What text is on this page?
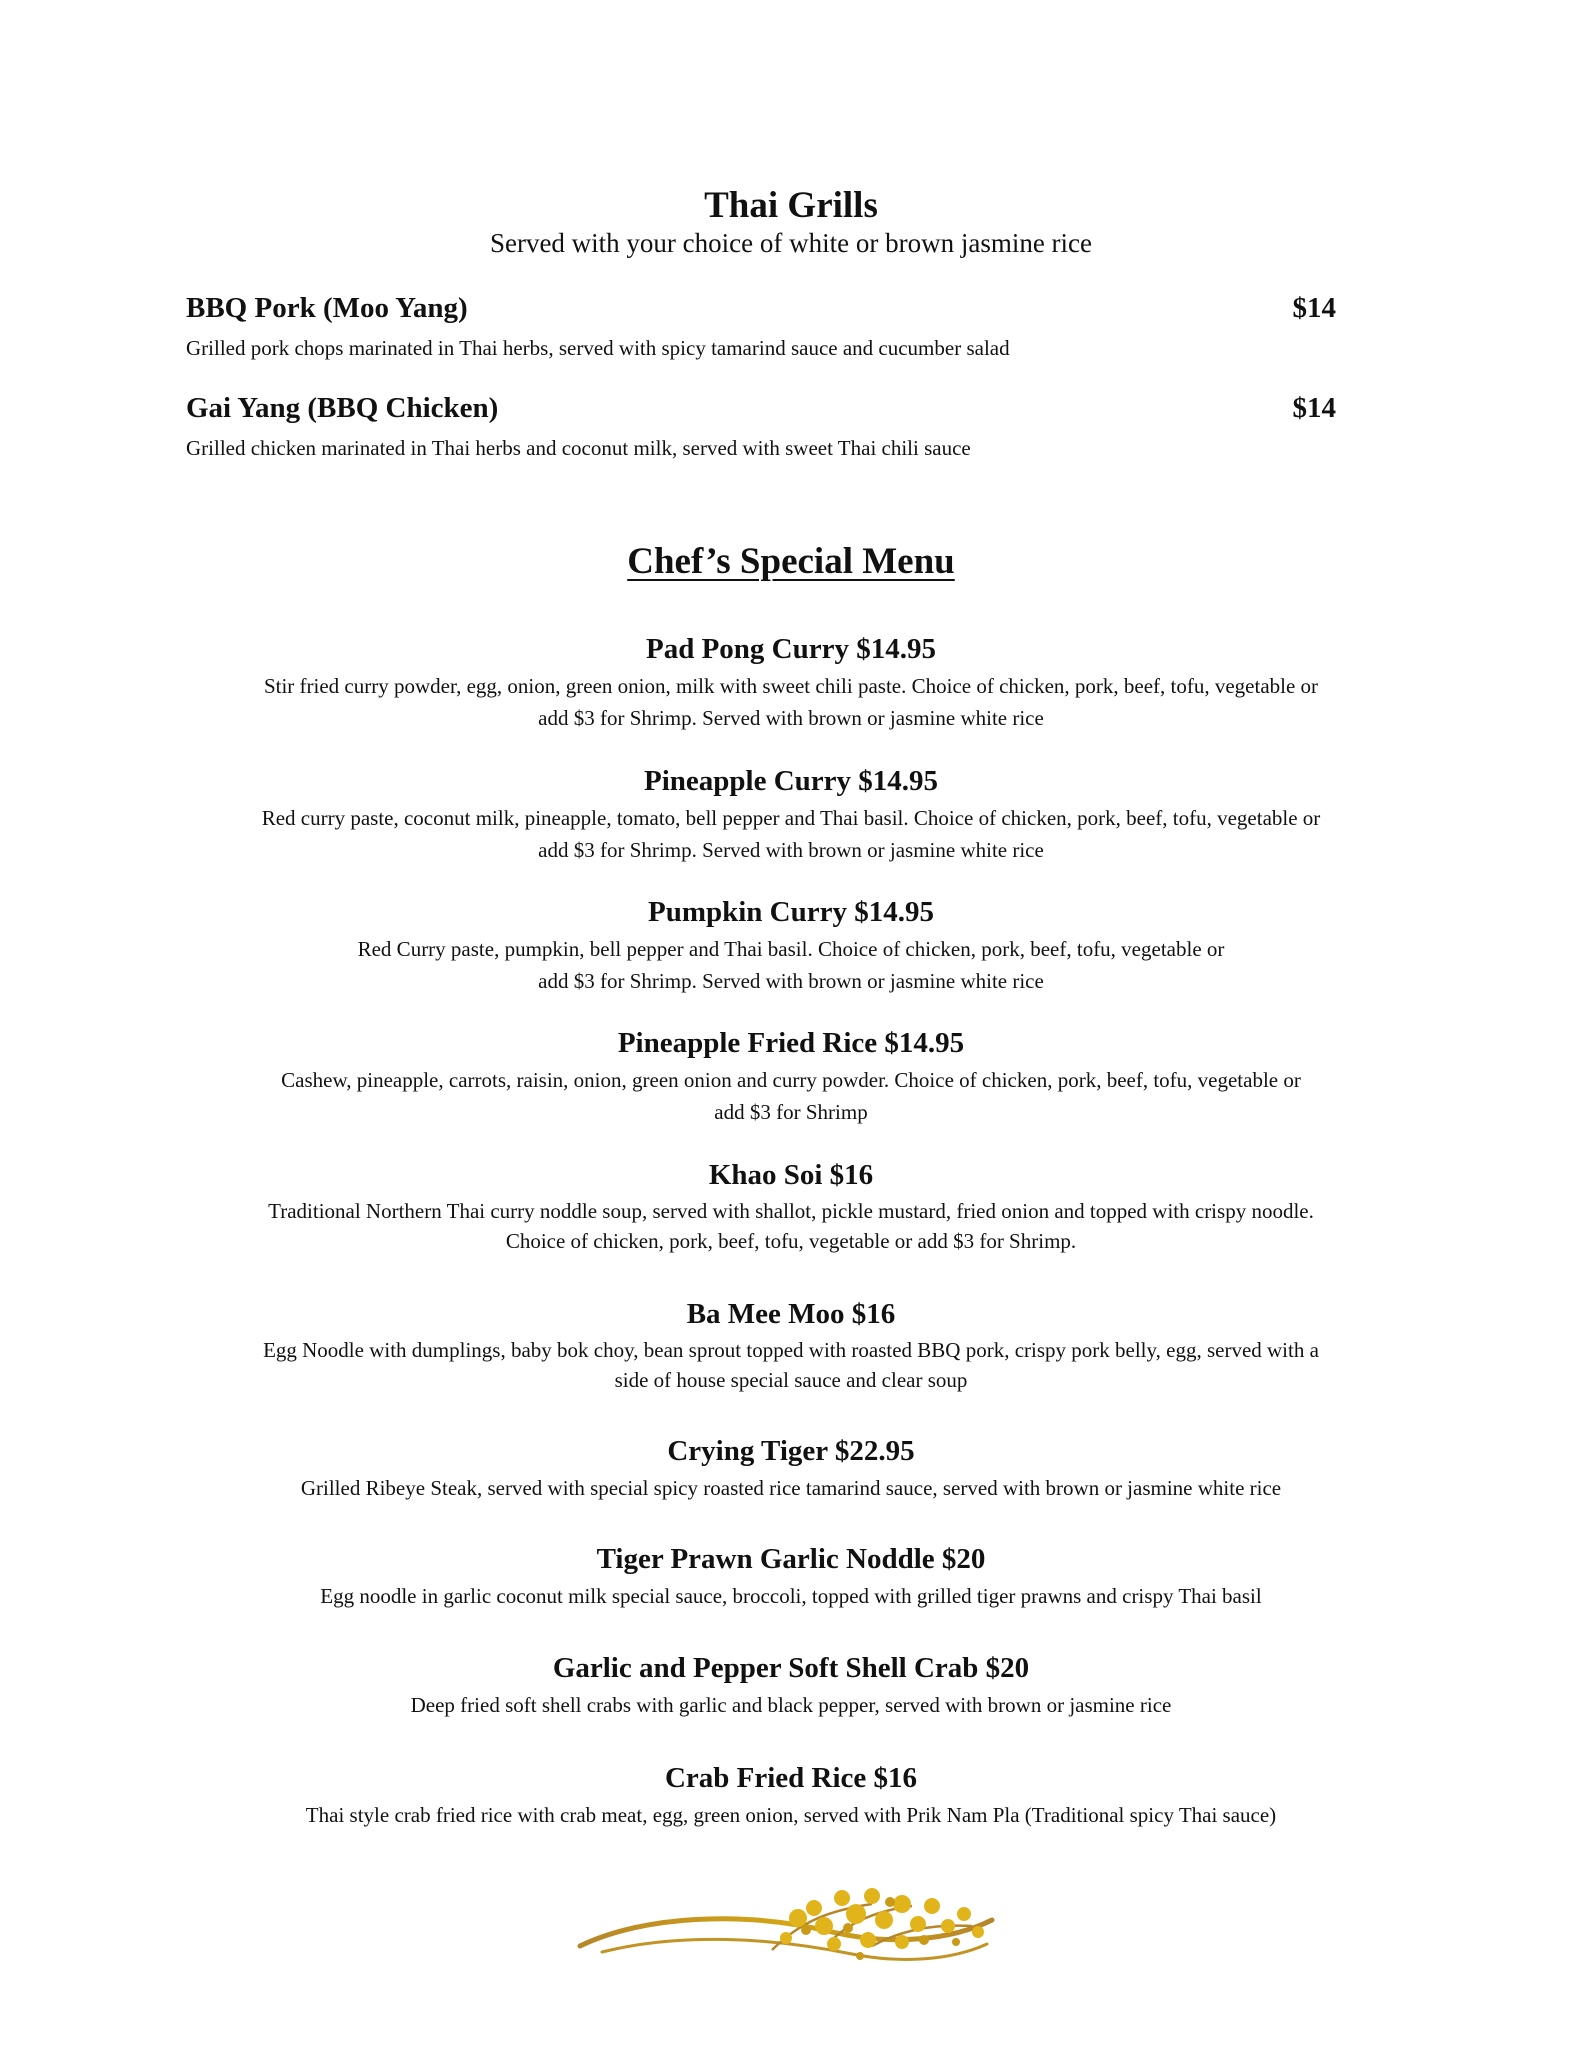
Thai Grills
Served with your choice of white or brown jasmine rice
BBQ Pork (Moo Yang)	$14
Grilled pork chops marinated in Thai herbs, served with spicy tamarind sauce and cucumber salad
Gai Yang (BBQ Chicken)	$14
Grilled chicken marinated in Thai herbs and coconut milk, served with sweet Thai chili sauce
Chef’s Special Menu
Pad Pong Curry $14.95
Stir fried curry powder, egg, onion, green onion, milk with sweet chili paste. Choice of chicken, pork, beef, tofu, vegetable or
add $3 for Shrimp. Served with brown or jasmine white rice
Pineapple Curry $14.95
Red curry paste, coconut milk, pineapple, tomato, bell pepper and Thai basil. Choice of chicken, pork, beef, tofu, vegetable or
add $3 for Shrimp. Served with brown or jasmine white rice
Pumpkin Curry $14.95
Red Curry paste, pumpkin, bell pepper and Thai basil. Choice of chicken, pork, beef, tofu, vegetable or
add $3 for Shrimp. Served with brown or jasmine white rice
Pineapple Fried Rice $14.95
Cashew, pineapple, carrots, raisin, onion, green onion and curry powder. Choice of chicken, pork, beef, tofu, vegetable or
add $3 for Shrimp
Khao Soi $16
Traditional Northern Thai curry noddle soup, served with shallot, pickle mustard, fried onion and topped with crispy noodle.
Choice of chicken, pork, beef, tofu, vegetable or add $3 for Shrimp.
Ba Mee Moo $16
Egg Noodle with dumplings, baby bok choy, bean sprout topped with roasted BBQ pork, crispy pork belly, egg, served with a
side of house special sauce and clear soup
Crying Tiger $22.95
Grilled Ribeye Steak, served with special spicy roasted rice tamarind sauce, served with brown or jasmine white rice
Tiger Prawn Garlic Noddle $20
Egg noodle in garlic coconut milk special sauce, broccoli, topped with grilled tiger prawns and crispy Thai basil
Garlic and Pepper Soft Shell Crab $20
Deep fried soft shell crabs with garlic and black pepper, served with brown or jasmine rice
Crab Fried Rice $16
Thai style crab fried rice with crab meat, egg, green onion, served with Prik Nam Pla (Traditional spicy Thai sauce)
